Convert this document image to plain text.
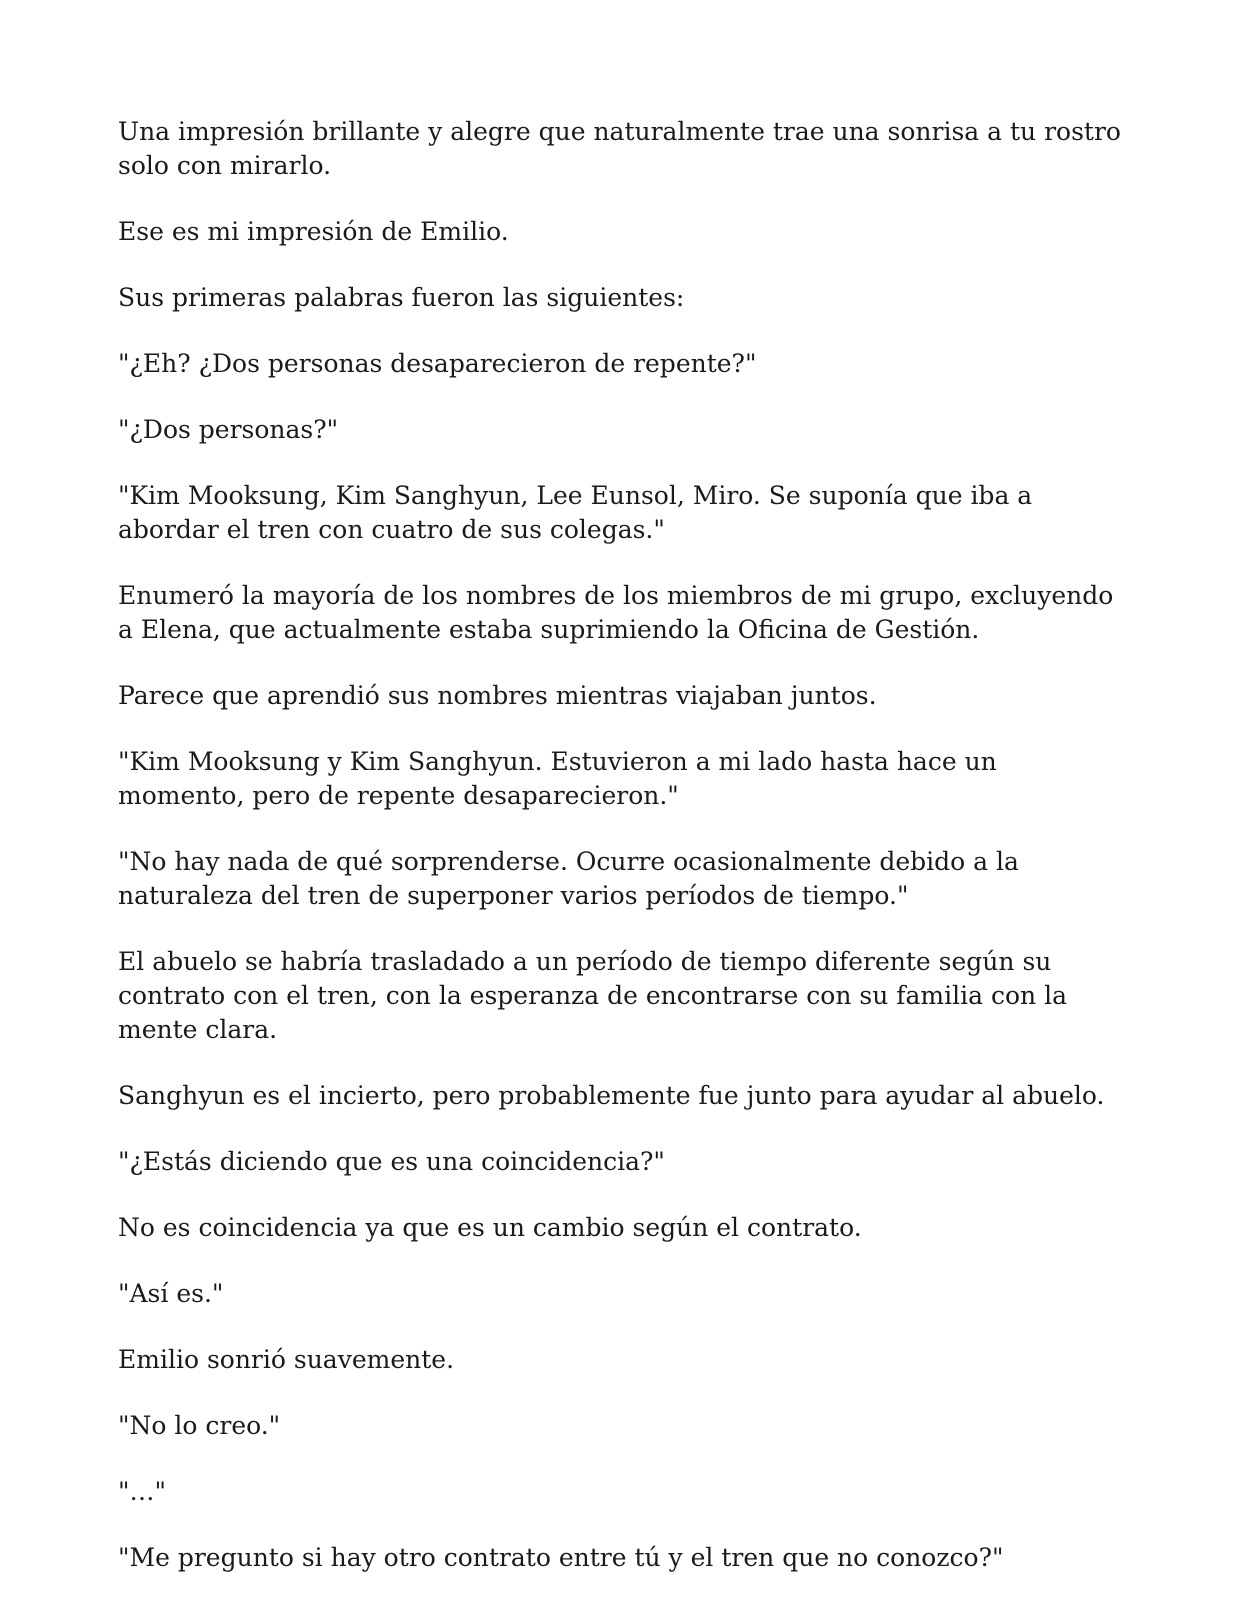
Una impresión brillante y alegre que naturalmente trae una sonrisa a tu rostro solo con mirarlo.

Ese es mi impresión de Emilio.

Sus primeras palabras fueron las siguientes:

"¿Eh? ¿Dos personas desaparecieron de repente?"

"¿Dos personas?"

"Kim Mooksung, Kim Sanghyun, Lee Eunsol, Miro. Se suponía que iba a abordar el tren con cuatro de sus colegas."

Enumeró la mayoría de los nombres de los miembros de mi grupo, excluyendo a Elena, que actualmente estaba suprimiendo la Oficina de Gestión.

Parece que aprendió sus nombres mientras viajaban juntos.

"Kim Mooksung y Kim Sanghyun. Estuvieron a mi lado hasta hace un momento, pero de repente desaparecieron."

"No hay nada de qué sorprenderse. Ocurre ocasionalmente debido a la naturaleza del tren de superponer varios períodos de tiempo."

El abuelo se habría trasladado a un período de tiempo diferente según su contrato con el tren, con la esperanza de encontrarse con su familia con la mente clara.

Sanghyun es el incierto, pero probablemente fue junto para ayudar al abuelo.

"¿Estás diciendo que es una coincidencia?"

No es coincidencia ya que es un cambio según el contrato.

"Así es."

Emilio sonrió suavemente.

"No lo creo."

"…"

"Me pregunto si hay otro contrato entre tú y el tren que no conozco?"
